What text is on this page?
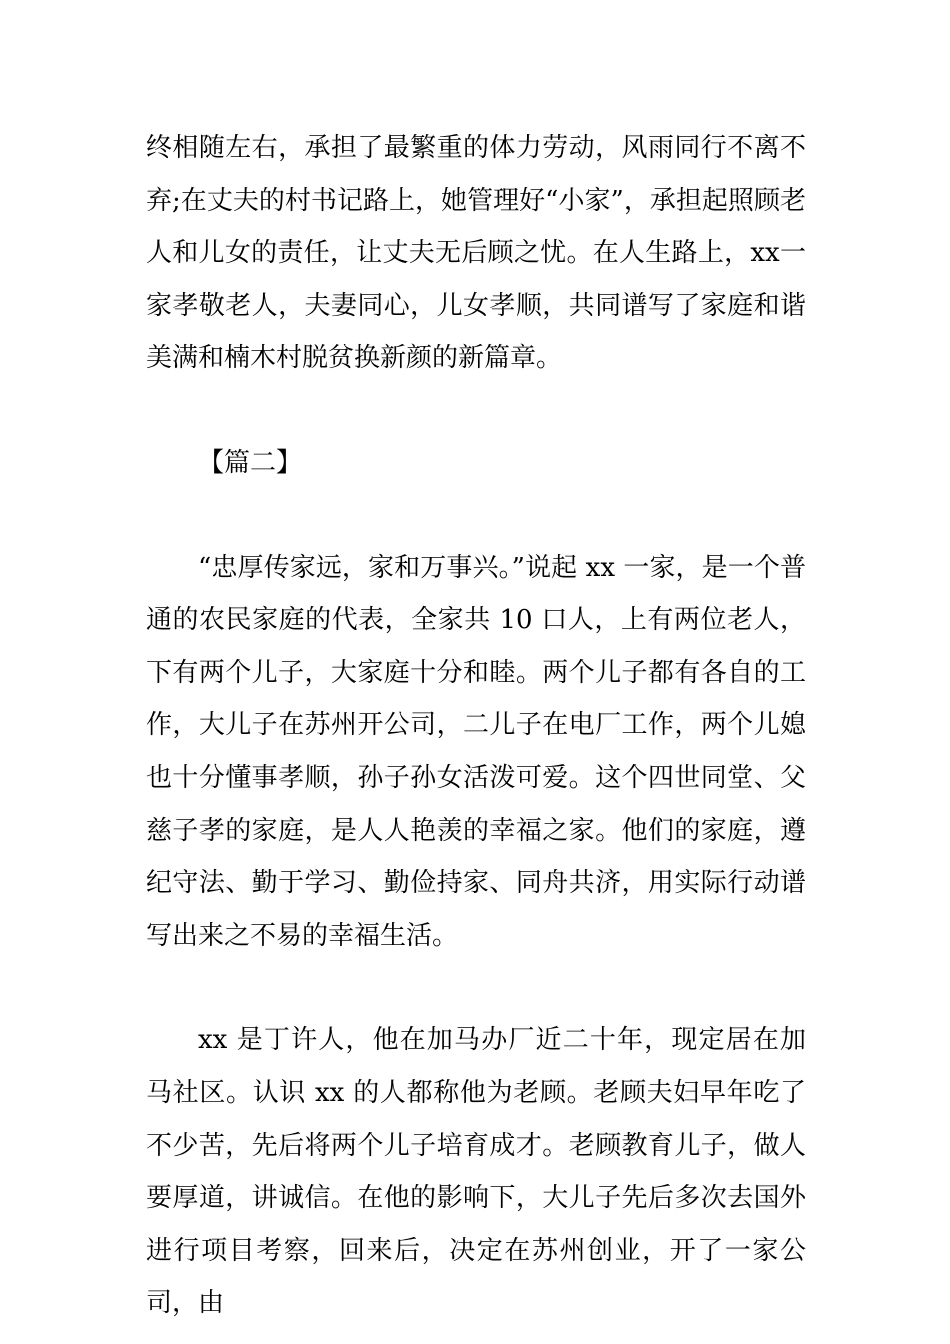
终相随左右，承担了最繁重的体力劳动，风雨同行不离不弃;在丈夫的村书记路上，她管理好“小家”，承担起照顾老人和儿女的责任，让丈夫无后顾之忧。在人生路上，xx一家孝敬老人，夫妻同心，儿女孝顺，共同谱写了家庭和谐美满和楠木村脱贫换新颜的新篇章。

【篇二】

“忠厚传家远，家和万事兴。”说起 xx 一家，是一个普通的农民家庭的代表，全家共 10 口人，上有两位老人，下有两个儿子，大家庭十分和睦。两个儿子都有各自的工作，大儿子在苏州开公司，二儿子在电厂工作，两个儿媳也十分懂事孝顺，孙子孙女活泼可爱。这个四世同堂、父慈子孝的家庭，是人人艳羡的幸福之家。他们的家庭，遵纪守法、勤于学习、勤俭持家、同舟共济，用实际行动谱写出来之不易的幸福生活。

xx 是丁许人，他在加马办厂近二十年，现定居在加马社区。认识 xx 的人都称他为老顾。老顾夫妇早年吃了不少苦，先后将两个儿子培育成才。老顾教育儿子，做人要厚道，讲诚信。在他的影响下，大儿子先后多次去国外进行项目考察，回来后，决定在苏州创业，开了一家公司，由
